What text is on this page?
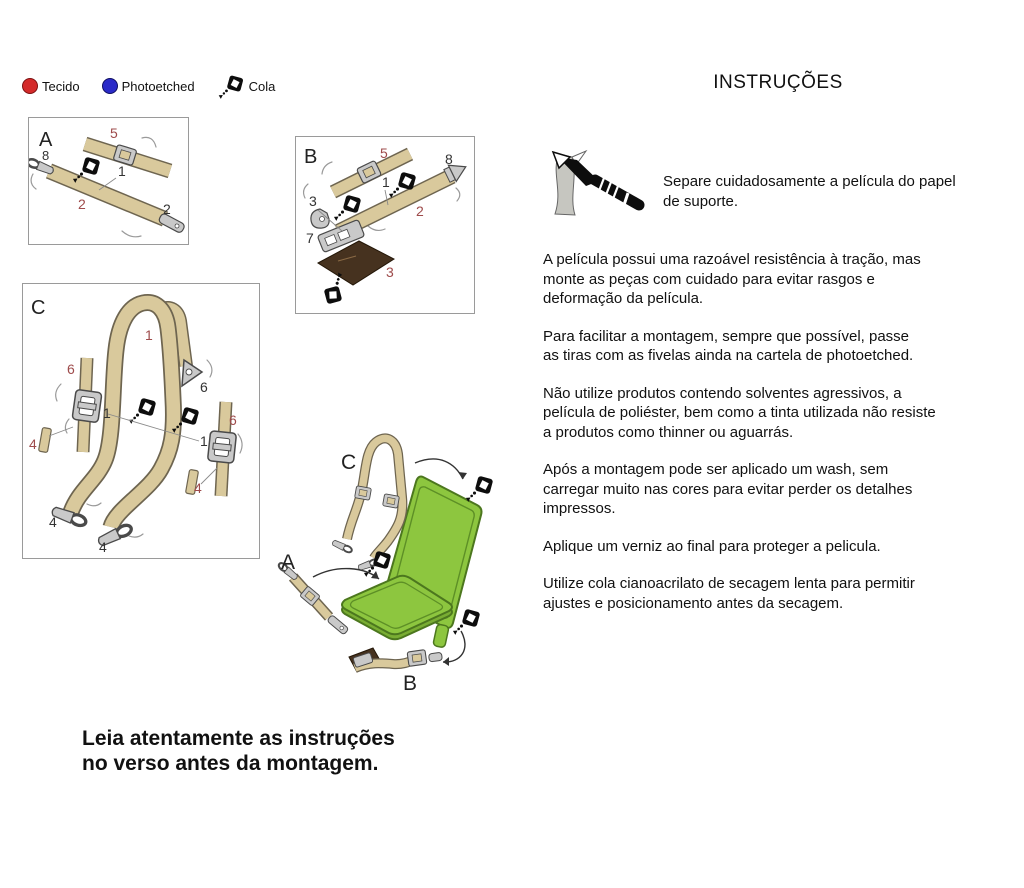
Tecido	Photoetched	Cola
A	5
8
1
2	2
B	5	8
1
3
2
7
3
C
1
6
6
1
4
6
1
4
4
4
C
A
B
INSTRUÇÕES
Separe cuidadosamente a película do papel
de suporte.
A película possui uma razoável resistência à tração, mas
monte as peças com cuidado para evitar rasgos e
deformação da película.
Para facilitar a montagem, sempre que possível, passe
as tiras com as fivelas ainda na cartela de photoetched.
Não utilize produtos contendo solventes agressivos, a
película de poliéster, bem como a tinta utilizada não resiste
a produtos como thinner ou aguarrás.
Após a montagem pode ser aplicado um wash, sem
carregar muito nas cores para evitar perder os detalhes
impressos.
Aplique um verniz ao final para proteger a pelicula.
Utilize cola cianoacrilato de secagem lenta para permitir
ajustes e posicionamento antes da secagem.
Leia atentamente as instruções
no verso antes da montagem.
